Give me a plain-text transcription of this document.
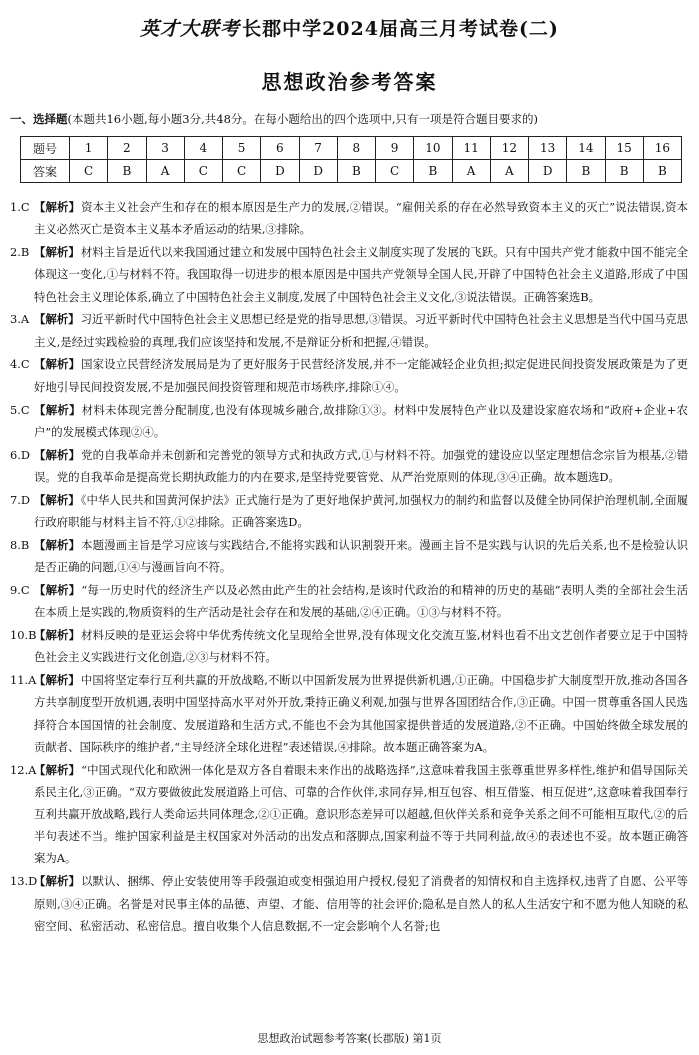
英才大联考 长郡中学2024届高三月考试卷(二)
思想政治参考答案
一、选择题(本题共16小题,每小题3分,共48分。在每小题给出的四个选项中,只有一项是符合题目要求的)
题号	1	2	3	4	5	6	7	8	9	10	11	12	13	14	15	16
答案	C	B	A	C	C	D	D	B	C	B	A	A	D	B	B	B
1.C 【解析】资本主义社会产生和存在的根本原因是生产力的发展,②错误。“雇佣关系的存在必然导致资本主义的灭亡”说法错误,资本主义必然灭亡是资本主义基本矛盾运动的结果,③排除。
2.B 【解析】材料主旨是近代以来我国通过建立和发展中国特色社会主义制度实现了发展的飞跃。只有中国共产党才能救中国不能完全体现这一变化,①与材料不符。我国取得一切进步的根本原因是中国共产党领导全国人民,开辟了中国特色社会主义道路,形成了中国特色社会主义理论体系,确立了中国特色社会主义制度,发展了中国特色社会主义文化,③说法错误。正确答案选B。
3.A 【解析】习近平新时代中国特色社会主义思想已经是党的指导思想,③错误。习近平新时代中国特色社会主义思想是当代中国马克思主义,是经过实践检验的真理,我们应该坚持和发展,不是辩证分析和把握,④错误。
4.C 【解析】国家设立民营经济发展局是为了更好服务于民营经济发展,并不一定能减轻企业负担;拟定促进民间投资发展政策是为了更好地引导民间投资发展,不是加强民间投资管理和规范市场秩序,排除①④。
5.C 【解析】材料未体现完善分配制度,也没有体现城乡融合,故排除①③。材料中发展特色产业以及建设家庭农场和“政府+企业+农户”的发展模式体现②④。
6.D 【解析】党的自我革命并未创新和完善党的领导方式和执政方式,①与材料不符。加强党的建设应以坚定理想信念宗旨为根基,②错误。党的自我革命是提高党长期执政能力的内在要求,是坚持党要管党、从严治党原则的体现,③④正确。故本题选D。
7.D 【解析】《中华人民共和国黄河保护法》正式施行是为了更好地保护黄河,加强权力的制约和监督以及健全协同保护治理机制,全面履行政府职能与材料主旨不符,①②排除。正确答案选D。
8.B 【解析】本题漫画主旨是学习应该与实践结合,不能将实践和认识割裂开来。漫画主旨不是实践与认识的先后关系,也不是检验认识是否正确的问题,①④与漫画旨向不符。
9.C 【解析】“每一历史时代的经济生产以及必然由此产生的社会结构,是该时代政治的和精神的历史的基础”表明人类的全部社会生活在本质上是实践的,物质资料的生产活动是社会存在和发展的基础,②④正确。①③与材料不符。
10.B
【解析】材料反映的是亚运会将中华优秀传统文化呈现给全世界,没有体现文化交流互鉴,材料也看不出文艺创作者要立足于中国特色社会主义实践进行文化创造,②③与材料不符。
11.A
【解析】中国将坚定奉行互利共赢的开放战略,不断以中国新发展为世界提供新机遇,①正确。中国稳步扩大制度型开放,推动各国各方共享制度型开放机遇,表明中国坚持高水平对外开放,秉持正确义利观,加强与世界各国团结合作,③正确。中国一贯尊重各国人民选择符合本国国情的社会制度、发展道路和生活方式,不能也不会为其他国家提供普适的发展道路,②不正确。中国始终做全球发展的贡献者、国际秩序的维护者,“主导经济全球化进程”表述错误,④排除。故本题正确答案为A。
12.A
【解析】“中国式现代化和欧洲一体化是双方各自着眼未来作出的战略选择”,这意味着我国主张尊重世界多样性,维护和倡导国际关系民主化,③正确。“双方要做彼此发展道路上可信、可靠的合作伙伴,求同存异,相互包容、相互借鉴、相互促进”,这意味着我国奉行互利共赢开放战略,践行人类命运共同体理念,②①正确。意识形态差异可以超越,但伙伴关系和竞争关系之间不可能相互取代,②的后半句表述不当。维护国家利益是主权国家对外活动的出发点和落脚点,国家利益不等于共同利益,故④的表述也不妥。故本题正确答案为A。
13.D
【解析】以默认、捆绑、停止安装使用等手段强迫或变相强迫用户授权,侵犯了消费者的知情权和自主选择权,违背了自愿、公平等原则,③④正确。名誉是对民事主体的品德、声望、才能、信用等的社会评价;隐私是自然人的私人生活安宁和不愿为他人知晓的私密空间、私密活动、私密信息。擅自收集个人信息数据,不一定会影响个人名誉;也
思想政治试题参考答案(长郡版) 第1页
